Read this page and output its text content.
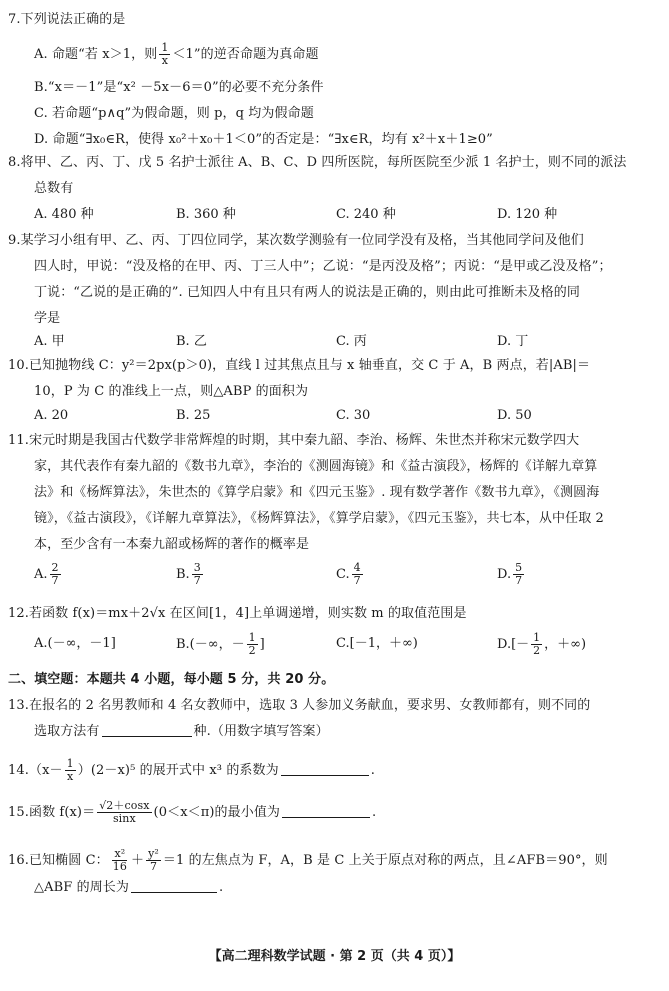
7.下列说法正确的是
A. 命题“若 x＞1，则 $\frac{1}{x} <1$”的逆否命题为真命题
B.“x＝－1”是“x² －5x－6＝0”的必要不充分条件
C. 若命题“p∧q”为假命题，则 p，q 均为假命题
D. 命题“∃x₀∈R，使得 x₀²＋x₀＋1＜0”的否定是：“∃x∈R，均有 x²＋x＋1≥0”
8.将甲、乙、丙、丁、戊 5 名护士派往 A、B、C、D 四所医院，每所医院至少派 1 名护士，则不同的派法
总数有
A. 480 种	B. 360 种	C. 240 种	D. 120 种
9.某学习小组有甲、乙、丙、丁四位同学，某次数学测验有一位同学没有及格，当其他同学问及他们
四人时，甲说：“没及格的在甲、丙、丁三人中”；乙说：“是丙没及格”；丙说：“是甲或乙没及格”；
丁说：“乙说的是正确的”. 已知四人中有且只有两人的说法是正确的，则由此可推断未及格的同
学是
A. 甲	B. 乙	C. 丙	D. 丁
10.已知抛物线 C：y²＝2px(p＞0)，直线 l 过其焦点且与 x 轴垂直，交 C 于 A，B 两点，若|AB|＝
10，P 为 C 的准线上一点，则△ABP 的面积为
A. 20	B. 25	C. 30	D. 50
11.宋元时期是我国古代数学非常辉煌的时期，其中秦九韶、李治、杨辉、朱世杰并称宋元数学四大
家，其代表作有秦九韶的《数书九章》，李治的《测圆海镜》和《益古演段》，杨辉的《详解九章算
法》和《杨辉算法》，朱世杰的《算学启蒙》和《四元玉鉴》. 现有数学著作《数书九章》，《测圆海
镜》，《益古演段》，《详解九章算法》，《杨辉算法》，《算学启蒙》，《四元玉鉴》，共七本，从中任取 2
本，至少含有一本秦九韶或杨辉的著作的概率是
A. $\frac{2}{7}$	B. $\frac{3}{7}$	C. $\frac{4}{7}$	D. $\frac{5}{7}$
12.若函数 f(x)＝mx＋2√x 在区间[1，4]上单调递增，则实数 m 的取值范围是
A.(－∞，－1]	B.(－∞，－ $\frac{1}{2}$ ]	C.[－1，＋∞)	$D.[- \frac{1}{2}$ ，＋∞)
二、填空题：本题共 4 小题，每小题 5 分，共 20 分。
13.在报名的 2 名男教师和 4 名女教师中，选取 3 人参加义务献血，要求男、女教师都有，则不同的
选取方法有	种.（用数字填写答案）
$14.(x- \frac{1}{x} )(2-x)^5$ 的展开式中 x³ 的系数为	.
15.函数 $f(x)= \frac{√2+\cos x}{\sin x} (0<x<\pi)$的最小值为	.
16.已知椭圆 C： $\frac{\text{x²}}{16} + \frac{\text{y²}}{7} =1$ 的左焦点为 F，A，B 是 C 上关于原点对称的两点，且∠AFB＝90°，则
△ABF 的周长为	.
【高二理科数学试题 · 第 2 页（共 4 页）】
